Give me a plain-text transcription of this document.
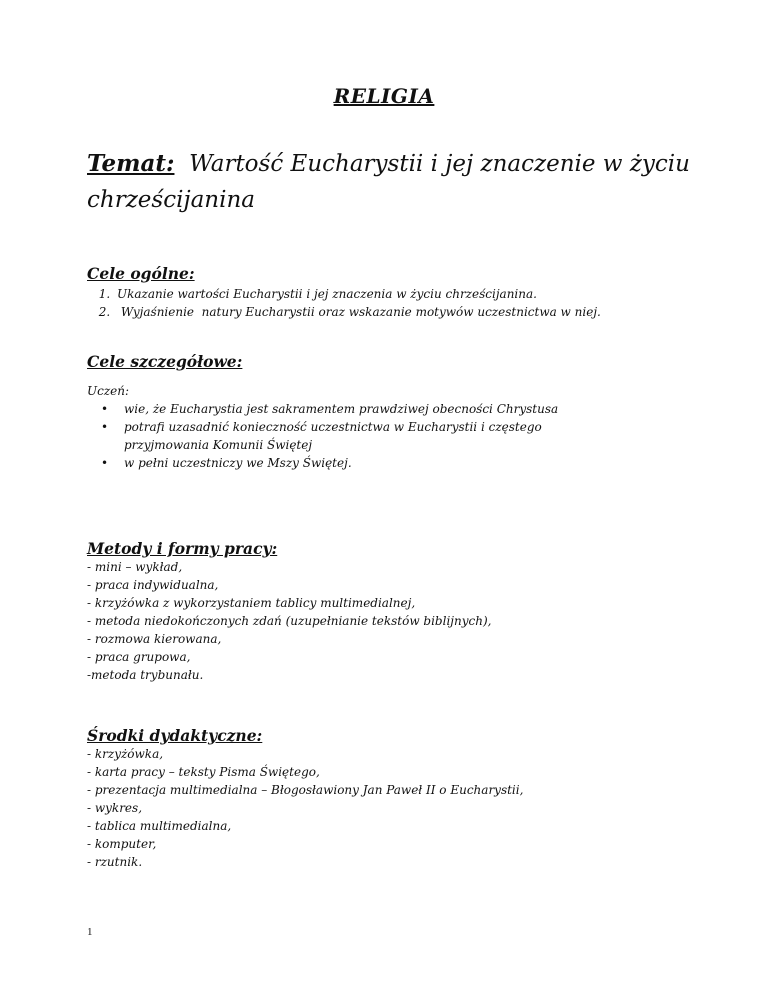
RELIGIA
Temat: Wartość Eucharystii i jej znaczenie w życiu
chrześcijanina
Cele ogólne:
1. Ukazanie wartości Eucharystii i jej znaczenia w życiu chrześcijanina.
2.  Wyjaśnienie  natury Eucharystii oraz wskazanie motywów uczestnictwa w niej.
Cele szczegółowe:
Uczeń:
• wie, że Eucharystia jest sakramentem prawdziwej obecności Chrystusa
• potrafi uzasadnić konieczność uczestnictwa w Eucharystii i częstego przyjmowania Komunii Świętej
• w pełni uczestniczy we Mszy Świętej.
Metody i formy pracy:
- mini – wykład,
- praca indywidualna,
- krzyżówka z wykorzystaniem tablicy multimedialnej,
- metoda niedokończonych zdań (uzupełnianie tekstów biblijnych),
- rozmowa kierowana,
- praca grupowa,
-metoda trybunału.
Środki dydaktyczne:
- krzyżówka,
- karta pracy – teksty Pisma Świętego,
- prezentacja multimedialna – Błogosławiony Jan Paweł II o Eucharystii,
- wykres,
- tablica multimedialna,
- komputer,
- rzutnik.
1
